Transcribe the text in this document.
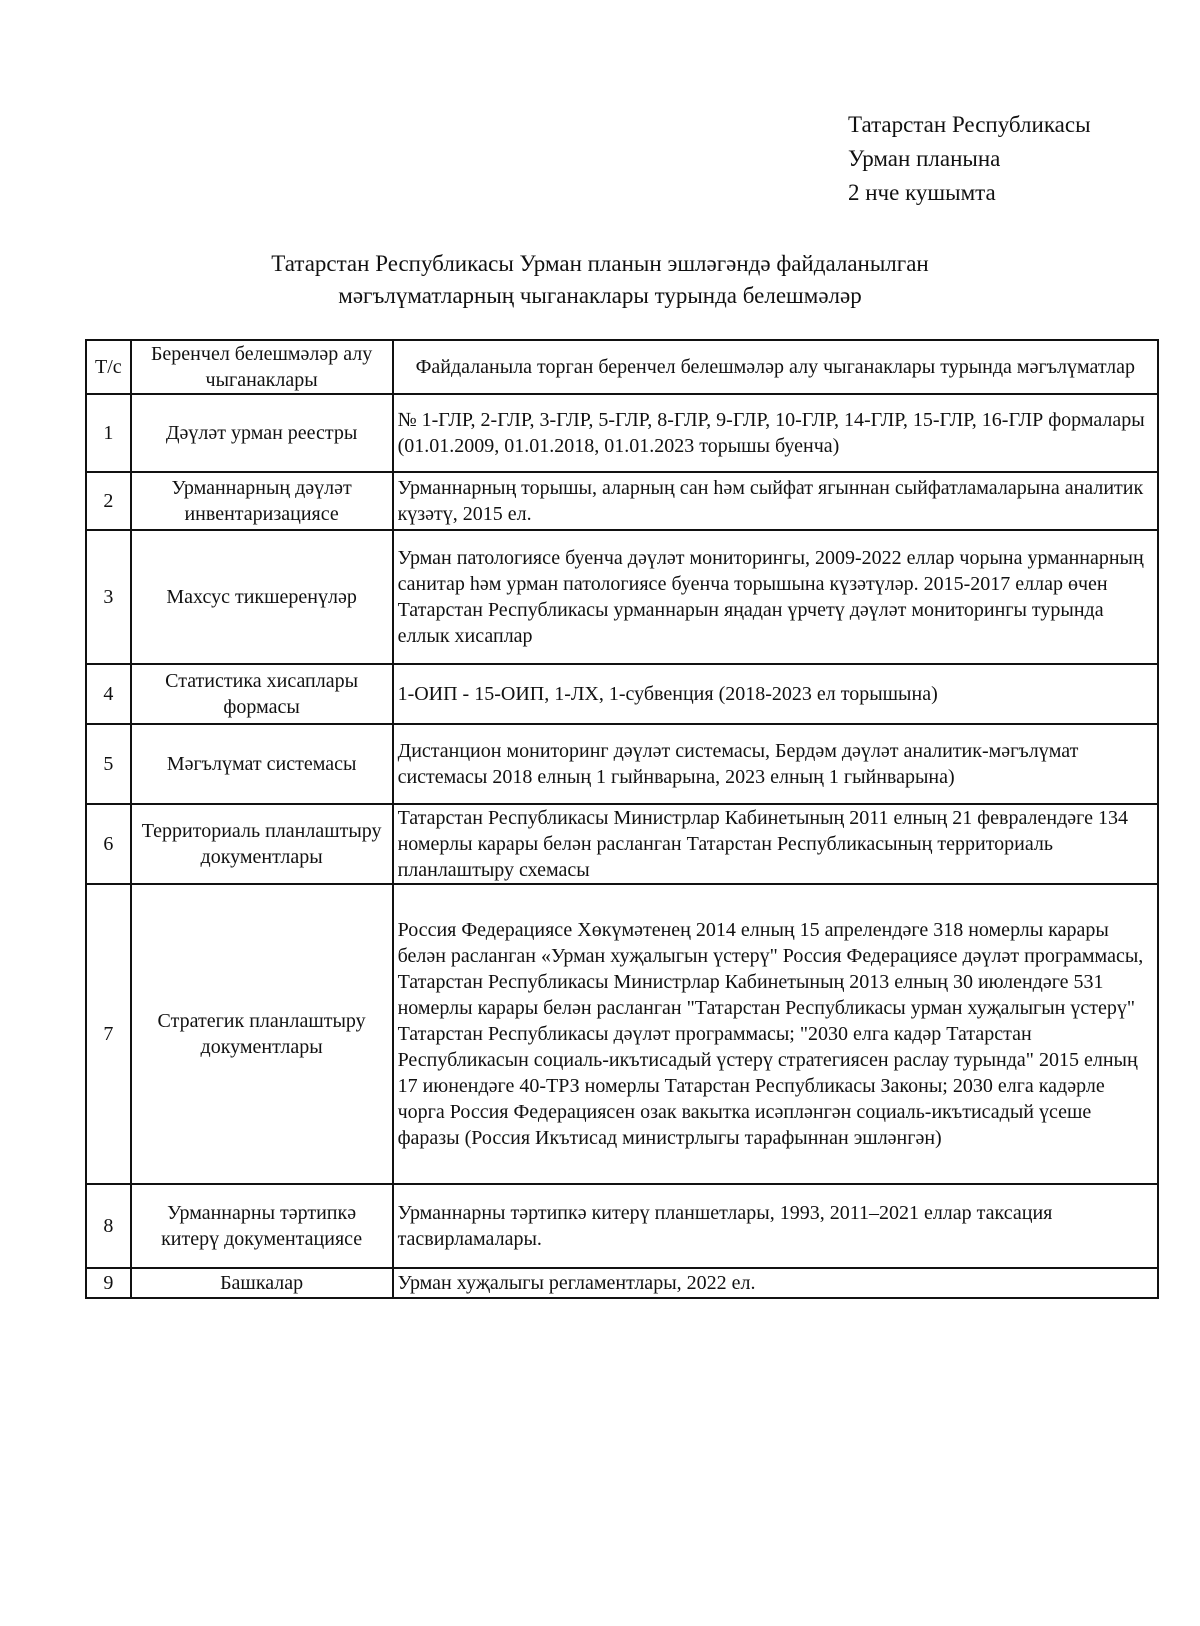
Татарстан Республикасы
Урман планына
2 нче кушымта
Татарстан Республикасы Урман планын эшләгәндә файдаланылган
мәгълүматларның чыганаклары турында белешмәләр
Т/с	Беренчел белешмәләр алу чыганаклары	Файдаланыла торган беренчел белешмәләр алу чыганаклары турында мәгълүматлар
1	Дәүләт урман реестры	№ 1-ГЛР, 2-ГЛР, 3-ГЛР, 5-ГЛР, 8-ГЛР, 9-ГЛР, 10-ГЛР, 14-ГЛР, 15-ГЛР, 16-ГЛР формалары (01.01.2009, 01.01.2018, 01.01.2023 торышы буенча)
2	Урманнарның дәүләт инвентаризациясе	Урманнарның торышы, аларның сан һәм сыйфат ягыннан сыйфатламаларына аналитик күзәтү, 2015 ел.
3	Махсус тикшеренүләр	Урман патологиясе буенча дәүләт мониторингы, 2009-2022 еллар чорына урманнарның санитар һәм урман патологиясе буенча торышына күзәтүләр. 2015-2017 еллар өчен Татарстан Республикасы урманнарын яңадан үрчетү дәүләт мониторингы турында еллык хисаплар
4	Статистика хисаплары формасы	1-ОИП - 15-ОИП, 1-ЛХ, 1-субвенция (2018-2023 ел торышына)
5	Мәгълүмат системасы	Дистанцион мониторинг дәүләт системасы, Бердәм дәүләт аналитик-мәгълүмат системасы 2018 елның 1 гыйнварына, 2023 елның 1 гыйнварына)
6	Территориаль планлаштыру документлары	Татарстан Республикасы Министрлар Кабинетының 2011 елның 21 февралендәге 134 номерлы карары белән расланган Татарстан Республикасының территориаль планлаштыру схемасы
7	Стратегик планлаштыру документлары	Россия Федерациясе Хөкүмәтенең 2014 елның 15 апрелендәге 318 номерлы карары белән расланган «Урман хуҗалыгын үстерү" Россия Федерациясе дәүләт программасы, Татарстан Республикасы Министрлар Кабинетының 2013 елның 30 июлендәге 531 номерлы карары белән расланган "Татарстан Республикасы урман хуҗалыгын үстерү" Татарстан Республикасы дәүләт программасы; "2030 елга кадәр Татарстан Республикасын социаль-икътисадый үстерү стратегиясен раслау турында" 2015 елның 17 июнендәге 40-ТРЗ номерлы Татарстан Республикасы Законы; 2030 елга кадәрле чорга Россия Федерациясен озак вакытка исәпләнгән социаль-икътисадый үсеше фаразы (Россия Икътисад министрлыгы тарафыннан эшләнгән)
8	Урманнарны тәртипкә китерү документациясе	Урманнарны тәртипкә китерү планшетлары, 1993, 2011–2021 еллар таксация тасвирламалары.
9	Башкалар	Урман хуҗалыгы регламентлары, 2022 ел.
